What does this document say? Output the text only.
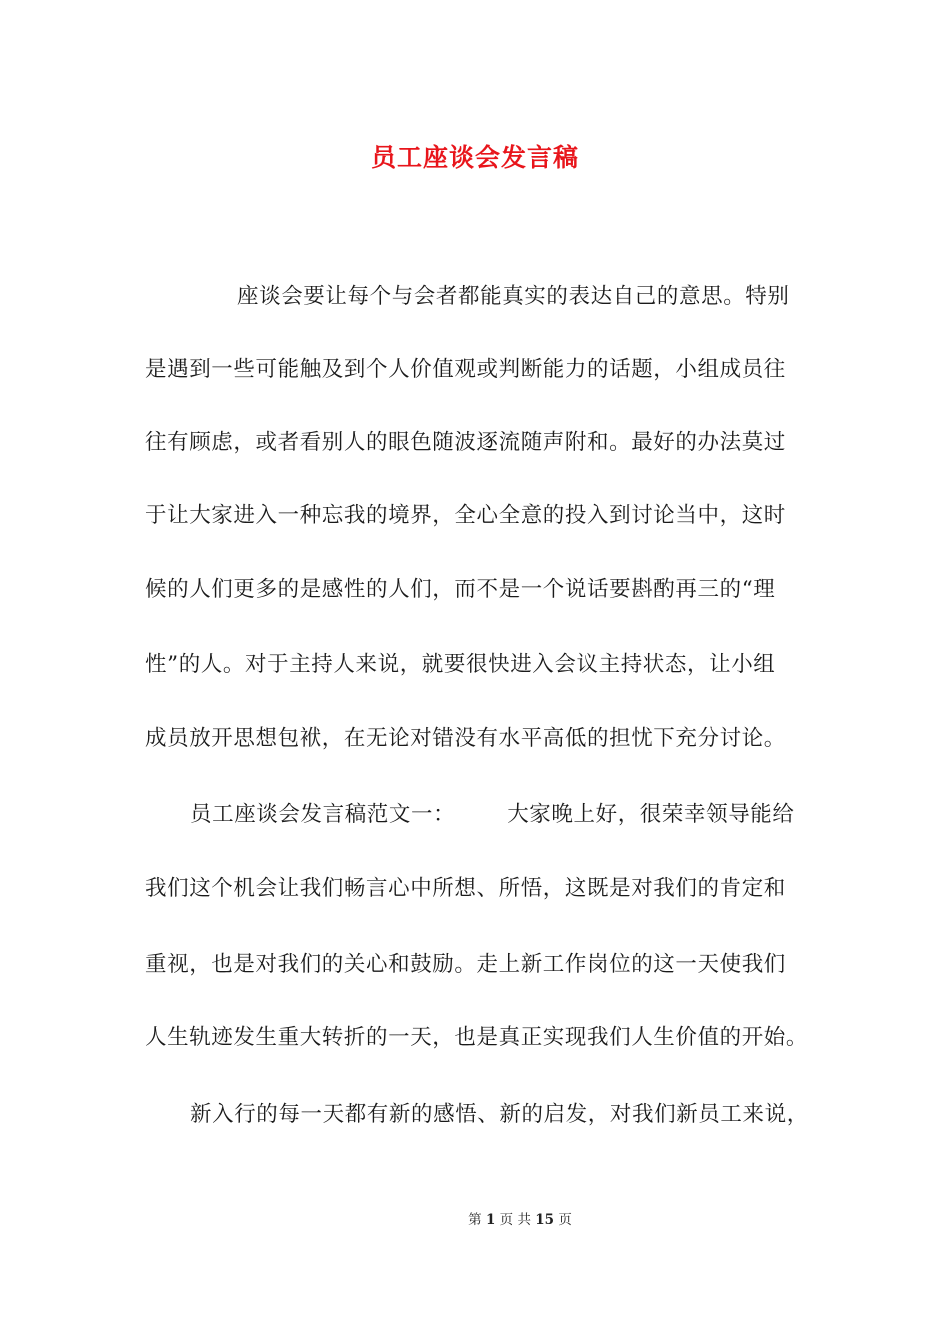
员工座谈会发言稿
座谈会要让每个与会者都能真实的表达自己的意思。特别
是遇到一些可能触及到个人价值观或判断能力的话题，小组成员往
往有顾虑，或者看别人的眼色随波逐流随声附和。最好的办法莫过
于让大家进入一种忘我的境界，全心全意的投入到讨论当中，这时
候的人们更多的是感性的人们，而不是一个说话要斟酌再三的“理
性”的人。对于主持人来说，就要很快进入会议主持状态，让小组
成员放开思想包袱，在无论对错没有水平高低的担忧下充分讨论。
员工座谈会发言稿范文一： 大家晚上好，很荣幸领导能给
我们这个机会让我们畅言心中所想、所悟，这既是对我们的肯定和
重视，也是对我们的关心和鼓励。走上新工作岗位的这一天使我们
人生轨迹发生重大转折的一天，也是真正实现我们人生价值的开始。
新入行的每一天都有新的感悟、新的启发，对我们新员工来说，
第 1 页 共 15 页
